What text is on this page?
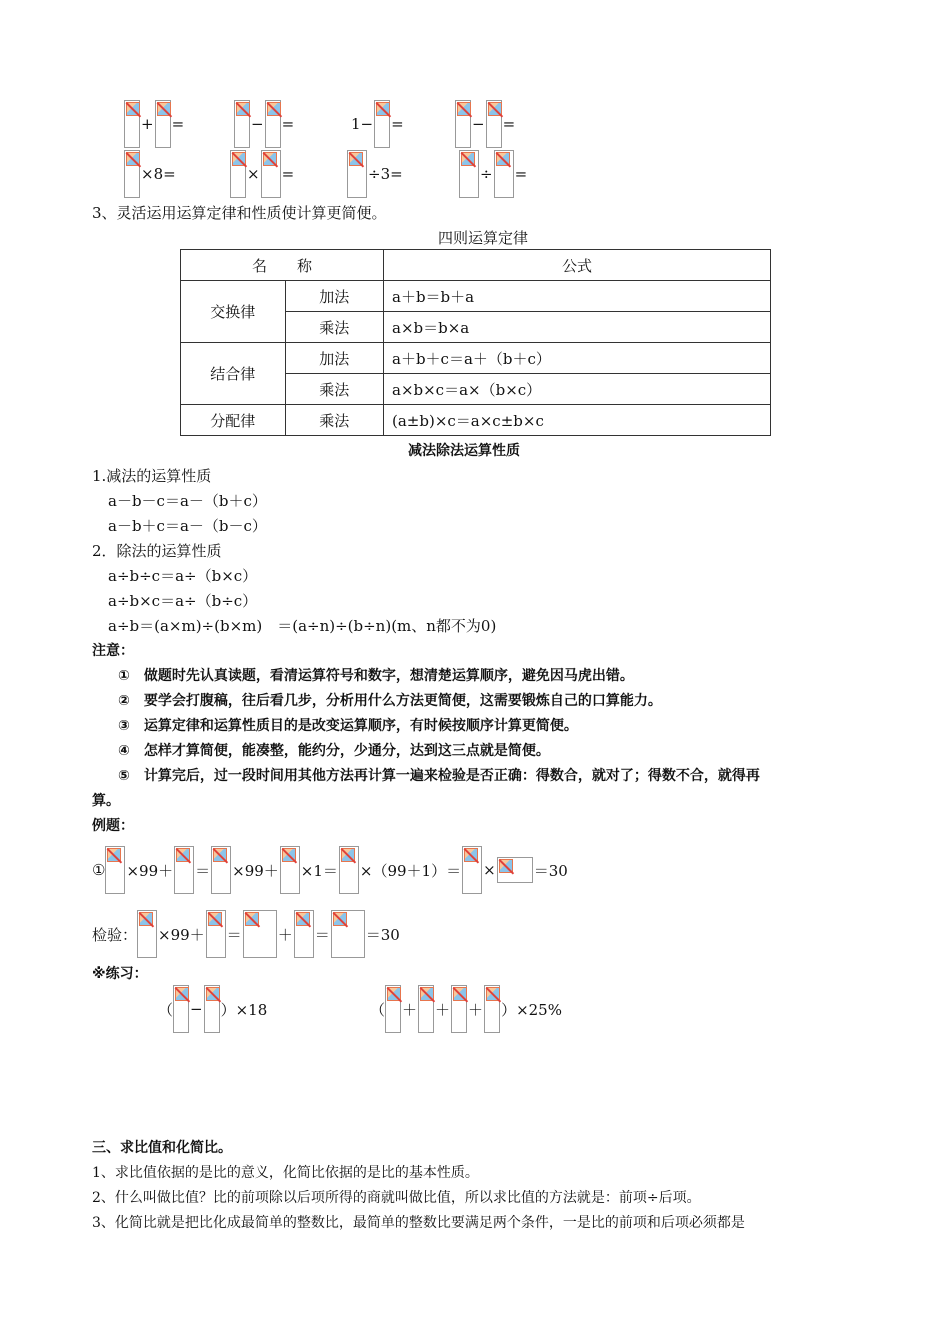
+ =	− =	1− =	− =
×8=	× =	÷3=	÷ =
3、灵活运用运算定律和性质使计算更简便。
四则运算定律
名　　称		公式
交换律	加法	a＋b＝b＋a
	乘法	a×b＝b×a
结合律	加法	a＋b＋c＝a＋（b＋c）
	乘法	a×b×c＝a×（b×c）
分配律	乘法	(a±b)×c＝a×c±b×c
减法除法运算性质
1.减法的运算性质
a－b－c＝a－（b＋c）
a－b＋c＝a－（b－c）
2．除法的运算性质
a÷b÷c＝a÷（b×c）
a÷b×c＝a÷（b÷c）
a÷b＝(a×m)÷(b×m)　＝(a÷n)÷(b÷n)(m、n都不为0)
注意：
①　做题时先认真读题，看清运算符号和数字，想清楚运算顺序，避免因马虎出错。
②　要学会打腹稿，往后看几步，分析用什么方法更简便，这需要锻炼自己的口算能力。
③　运算定律和运算性质目的是改变运算顺序，有时候按顺序计算更简便。
④　怎样才算简便，能凑整，能约分，少通分，达到这三点就是简便。
⑤　计算完后，过一段时间用其他方法再计算一遍来检验是否正确：得数合，就对了；得数不合，就得再
算。
例题：
① ×99＋ ＝ ×99＋ ×1＝ ×（99＋1）＝ ×	＝30
检验： ×99＋ ＝ ＋ ＝ ＝30
※练习：
（ − ）×18	（ ＋ ＋ ＋ ）×25%
三、求比值和化简比。
1、求比值依据的是比的意义，化简比依据的是比的基本性质。
2、什么叫做比值？比的前项除以后项所得的商就叫做比值，所以求比值的方法就是：前项÷后项。
3、化简比就是把比化成最简单的整数比，最简单的整数比要满足两个条件，一是比的前项和后项必须都是
